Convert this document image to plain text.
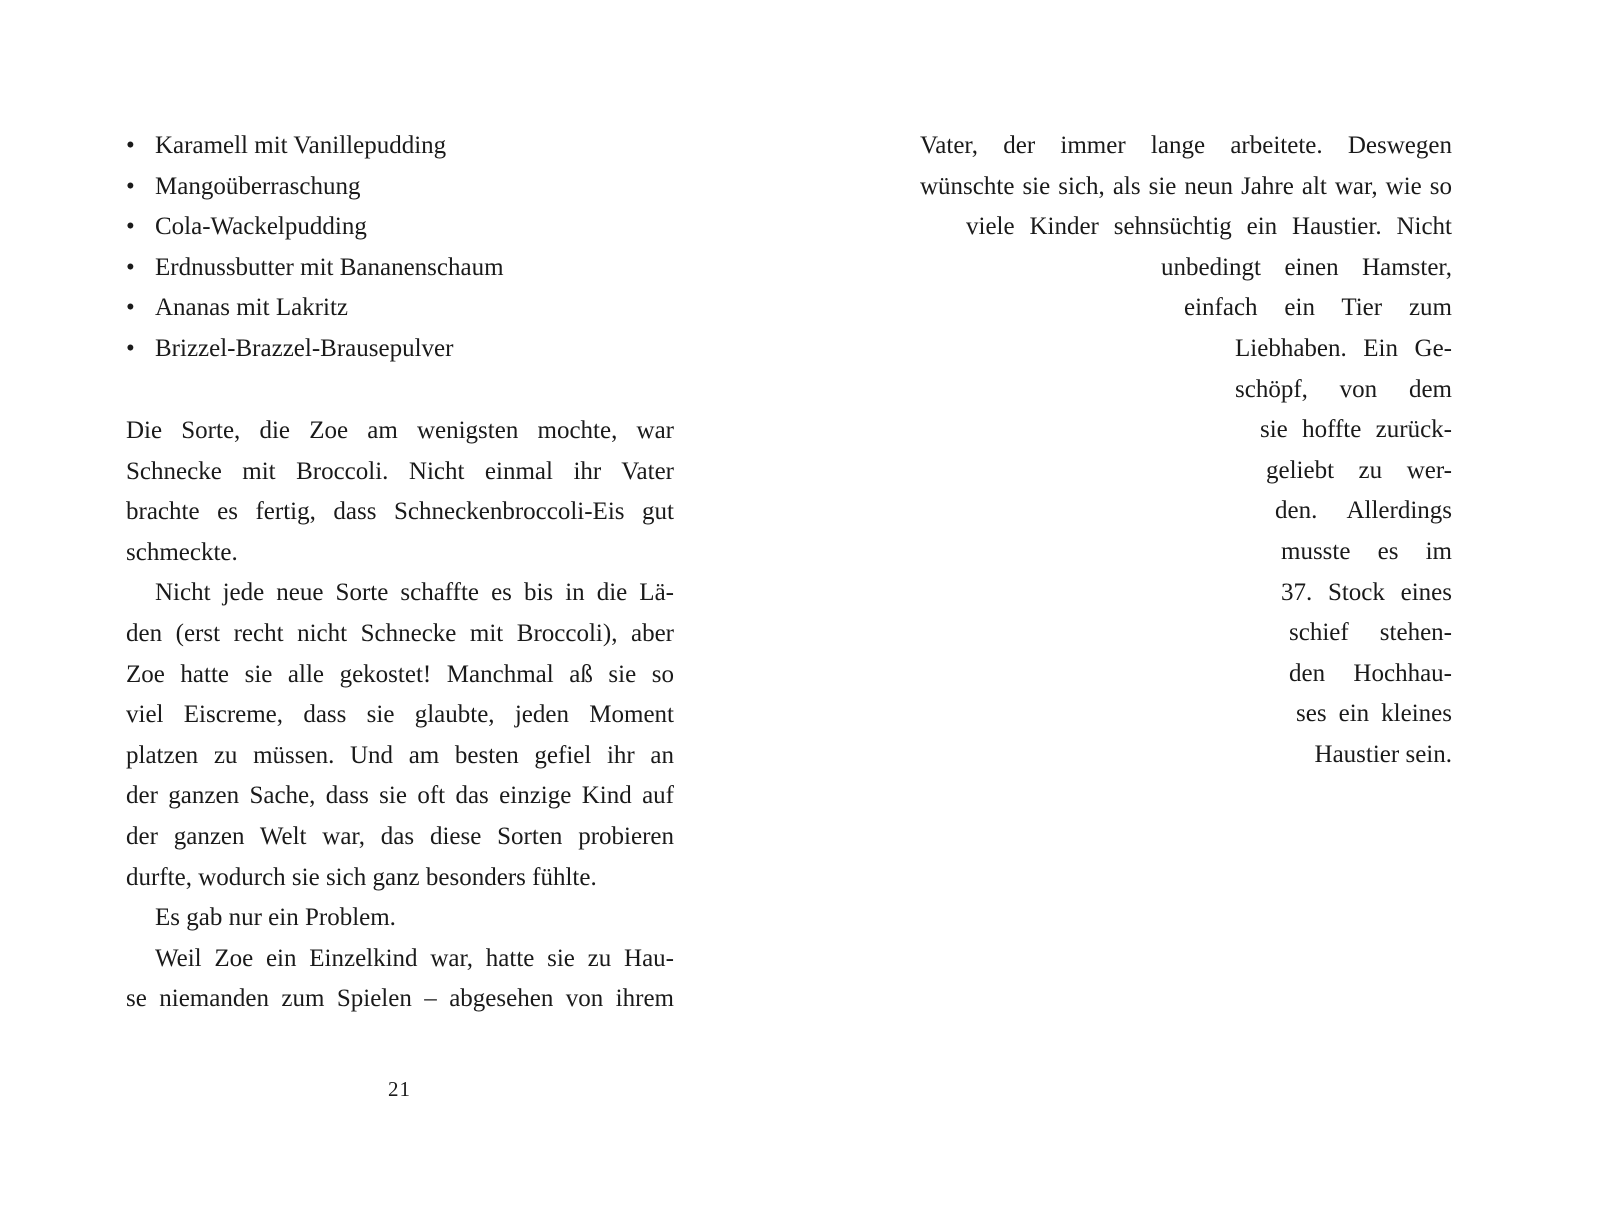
• Karamell mit Vanillepudding
• Mangoüberraschung
• Cola-Wackelpudding
• Erdnussbutter mit Bananenschaum
• Ananas mit Lakritz
• Brizzel-Brazzel-Brausepulver

Die Sorte, die Zoe am wenigsten mochte, war
Schnecke mit Broccoli. Nicht einmal ihr Vater
brachte es fertig, dass Schneckenbroccoli-Eis gut
schmeckte.

Nicht jede neue Sorte schaffte es bis in die Lä-
den (erst recht nicht Schnecke mit Broccoli), aber
Zoe hatte sie alle gekostet! Manchmal aß sie so
viel Eiscreme, dass sie glaubte, jeden Moment
platzen zu müssen. Und am besten gefiel ihr an
der ganzen Sache, dass sie oft das einzige Kind auf
der ganzen Welt war, das diese Sorten probieren
durfte, wodurch sie sich ganz besonders fühlte.

Es gab nur ein Problem.

Weil Zoe ein Einzelkind war, hatte sie zu Hau-
se niemanden zum Spielen – abgesehen von ihrem

21
Vater, der immer lange arbeitete. Deswegen
wünschte sie sich, als sie neun Jahre alt war, wie so
viele Kinder sehnsüchtig ein Haustier. Nicht
unbedingt einen Hamster,
einfach ein Tier zum
Liebhaben. Ein Ge-
schöpf, von dem
sie hoffte zurück-
geliebt zu wer-
den. Allerdings
musste es im
37. Stock eines
schief stehen-
den Hochhau-
ses ein kleines
Haustier sein.
